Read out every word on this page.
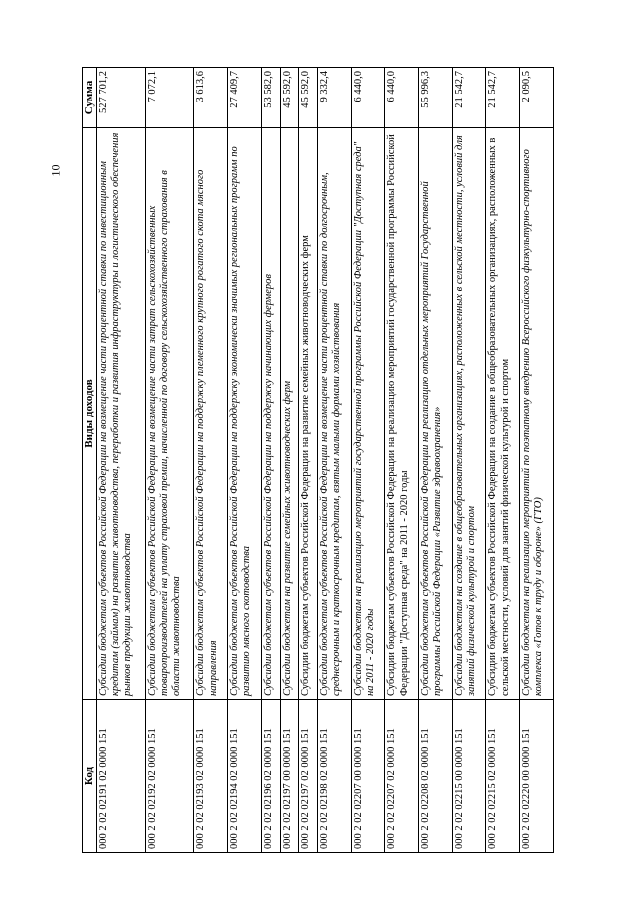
10
Код	Виды доходов	Сумма
000 2 02 02191 02 0000 151	Субсидии бюджетам субъектов Российской Федерации на возмещение части процентной ставки по инвестиционным кредитам (займам) на развитие животноводства, переработки и развития инфраструктуры и логистического обеспечения рынков продукции животноводства	527 701,2
000 2 02 02192 02 0000 151	Субсидии бюджетам субъектов Российской Федерации на возмещение части затрат сельскохозяйственных товаропроизводителей на уплату страховой премии, начисленной по договору сельскохозяйственного страхования в области животноводства	7 072,1
000 2 02 02193 02 0000 151	Субсидии бюджетам субъектов Российской Федерации на поддержку племенного крупного рогатого скота мясного направления	3 613,6
000 2 02 02194 02 0000 151	Субсидии бюджетам субъектов Российской Федерации на поддержку экономически значимых региональных программ по развитию мясного скотоводства	27 409,7
000 2 02 02196 02 0000 151	Субсидии бюджетам субъектов Российской Федерации на поддержку начинающих фермеров	53 582,0
000 2 02 02197 00 0000 151	Субсидии бюджетам на развитие семейных животноводческих ферм	45 592,0
000 2 02 02197 02 0000 151	Субсидии бюджетам субъектов Российской Федерации на развитие семейных животноводческих ферм	45 592,0
000 2 02 02198 02 0000 151	Субсидии бюджетам субъектов Российской Федерации на возмещение части процентной ставки по долгосрочным, среднесрочным и краткосрочным кредитам, взятым малыми формами хозяйствования	9 332,4
000 2 02 02207 00 0000 151	Субсидии бюджетам на реализацию мероприятий государственной программы Российской Федерации "Доступная среда" на 2011 - 2020 годы	6 440,0
000 2 02 02207 02 0000 151	Субсидии бюджетам субъектов Российской Федерации на реализацию мероприятий государственной программы Российской Федерации "Доступная среда" на 2011 - 2020 годы	6 440,0
000 2 02 02208 02 0000 151	Субсидии бюджетам субъектов Российской Федерации на реализацию отдельных мероприятий Государственной программы Российской Федерации «Развитие здравоохранения»	55 996,3
000 2 02 02215 00 0000 151	Субсидии бюджетам на создание в общеобразовательных организациях, расположенных в сельской местности, условий для занятий физической культурой и спортом	21 542,7
000 2 02 02215 02 0000 151	Субсидии бюджетам субъектов Российской Федерации на создание в общеобразовательных организациях, расположенных в сельской местности, условий для занятий физической культурой и спортом	21 542,7
000 2 02 02220 00 0000 151	Субсидии бюджетам на реализацию мероприятий по поэтапному внедрению Всероссийского физкультурно-спортивного комплекса «Готов к труду и обороне» (ГТО)	2 090,5
